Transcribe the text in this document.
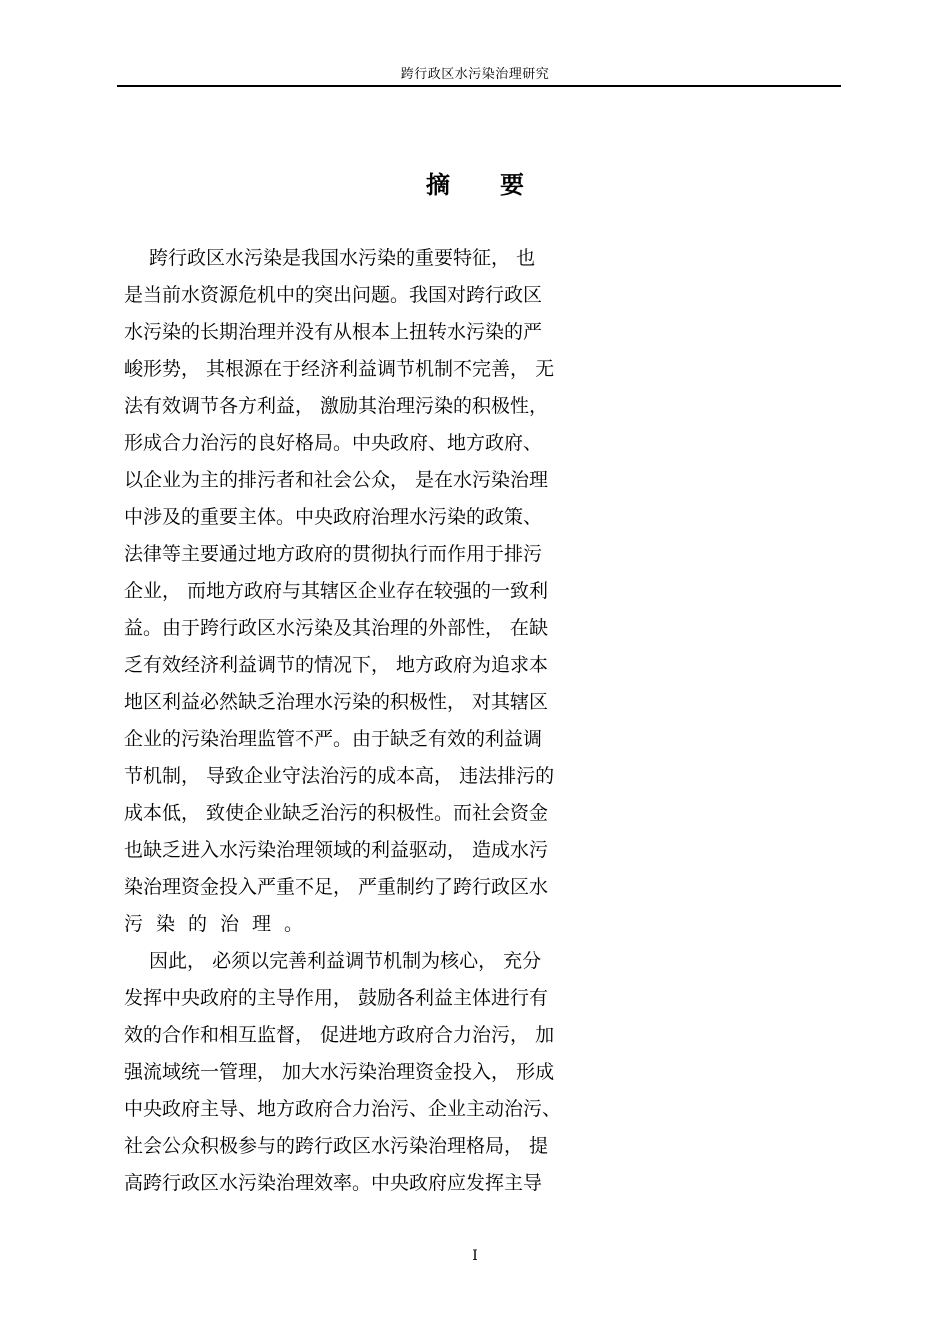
跨行政区水污染治理研究
摘 要
　 跨行政区水污染是我国水污染的重要特征， 也
是当前水资源危机中的突出问题。我国对跨行政区
水污染的长期治理并没有从根本上扭转水污染的严
峻形势， 其根源在于经济利益调节机制不完善， 无
法有效调节各方利益， 激励其治理污染的积极性，
形成合力治污的良好格局。中央政府、地方政府、
以企业为主的排污者和社会公众， 是在水污染治理
中涉及的重要主体。中央政府治理水污染的政策、
法律等主要通过地方政府的贯彻执行而作用于排污
企业， 而地方政府与其辖区企业存在较强的一致利
益。由于跨行政区水污染及其治理的外部性， 在缺
乏有效经济利益调节的情况下， 地方政府为追求本
地区利益必然缺乏治理水污染的积极性， 对其辖区
企业的污染治理监管不严。由于缺乏有效的利益调
节机制， 导致企业守法治污的成本高， 违法排污的
成本低， 致使企业缺乏治污的积极性。而社会资金
也缺乏进入水污染治理领域的利益驱动， 造成水污
染治理资金投入严重不足， 严重制约了跨行政区水
污染的治理。
　 因此， 必须以完善利益调节机制为核心， 充分
发挥中央政府的主导作用， 鼓励各利益主体进行有
效的合作和相互监督， 促进地方政府合力治污， 加
强流域统一管理， 加大水污染治理资金投入， 形成
中央政府主导、地方政府合力治污、企业主动治污、
社会公众积极参与的跨行政区水污染治理格局， 提
高跨行政区水污染治理效率。中央政府应发挥主导
I
